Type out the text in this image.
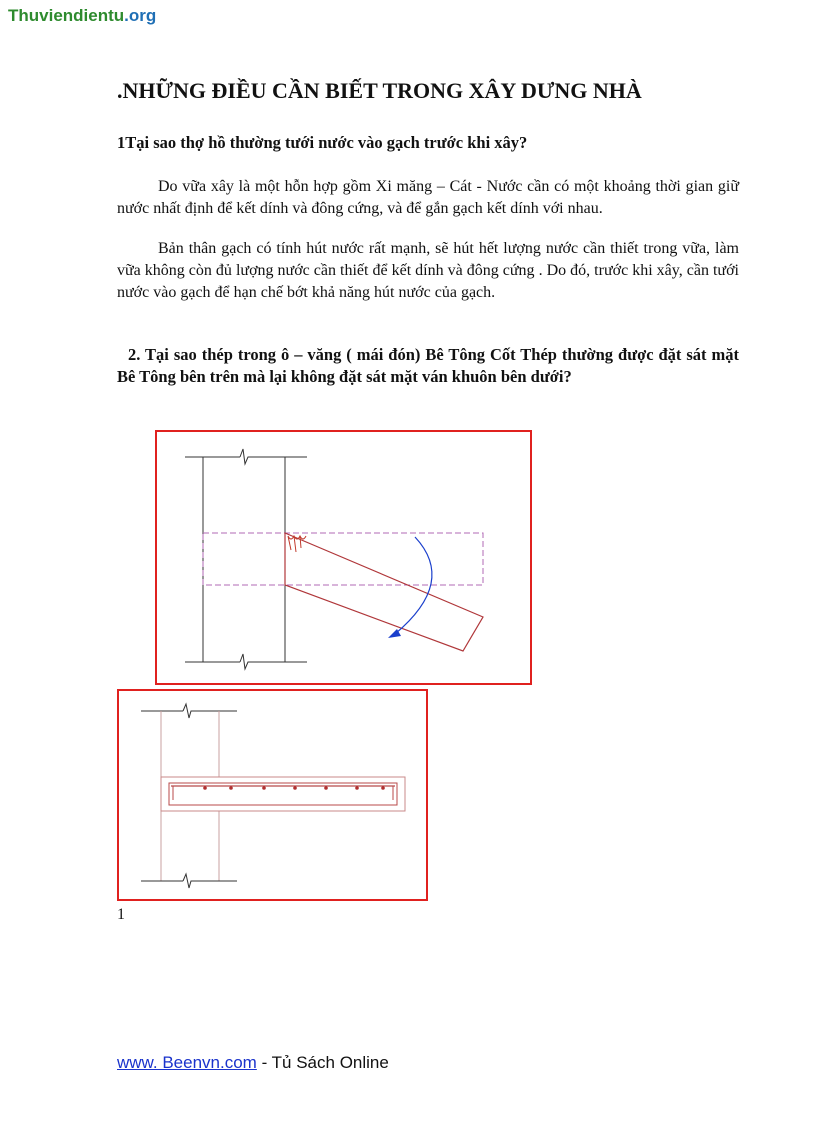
Thuviendientu.org
.NHỮNG ĐIỀU CẦN BIẾT TRONG XÂY DƯNG NHÀ
1Tại sao thợ hồ thường tưới nước vào gạch trước khi xây?

Do vữa xây là một hỗn hợp gồm Xi măng – Cát - Nước cần có một khoảng thời gian giữ nước nhất định để kết dính và đông cứng, và để gắn gạch kết dính với nhau.

Bản thân gạch có tính hút nước rất mạnh, sẽ hút hết lượng nước cần thiết trong vữa, làm vữa không còn đủ lượng nước cần thiết để kết dính và đông cứng . Do đó, trước khi xây, cần tưới nước vào gạch để hạn chế bớt khả năng hút nước của gạch.

2. Tại sao thép trong ô – văng ( mái đón) Bê Tông Cốt Thép thường được đặt sát mặt Bê Tông bên trên mà lại không đặt sát mặt ván khuôn bên dưới?
1
www. Beenvn.com - Tủ Sách Online
